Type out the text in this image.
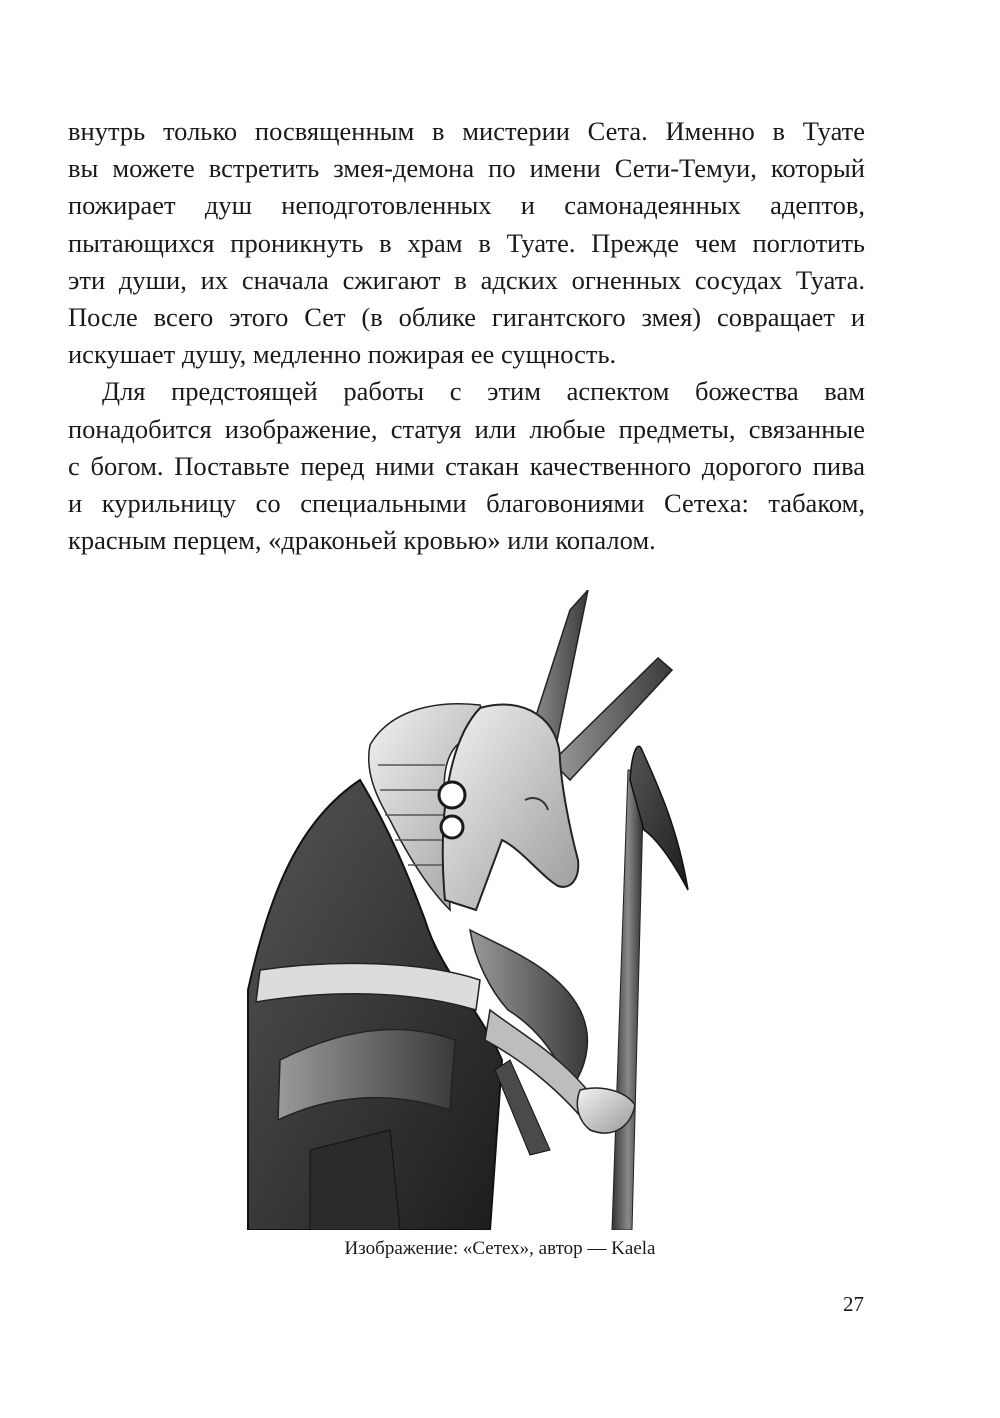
внутрь только посвященным в мистерии Сета. Именно в Туате
вы можете встретить змея-демона по имени Сети-Темуи, который
пожирает душ неподготовленных и самонадеянных адептов,
пытающихся проникнуть в храм в Туате. Прежде чем поглотить
эти души, их сначала сжигают в адских огненных сосудах Туата.
После всего этого Сет (в облике гигантского змея) совращает и
искушает душу, медленно пожирая ее сущность.
Для предстоящей работы с этим аспектом божества вам
понадобится изображение, статуя или любые предметы, связанные
с богом. Поставьте перед ними стакан качественного дорогого пива
и курильницу со специальными благовониями Сетеха: табаком,
красным перцем, «драконьей кровью» или копалом.
Изображение: «Сетех», автор — Kaela
27
